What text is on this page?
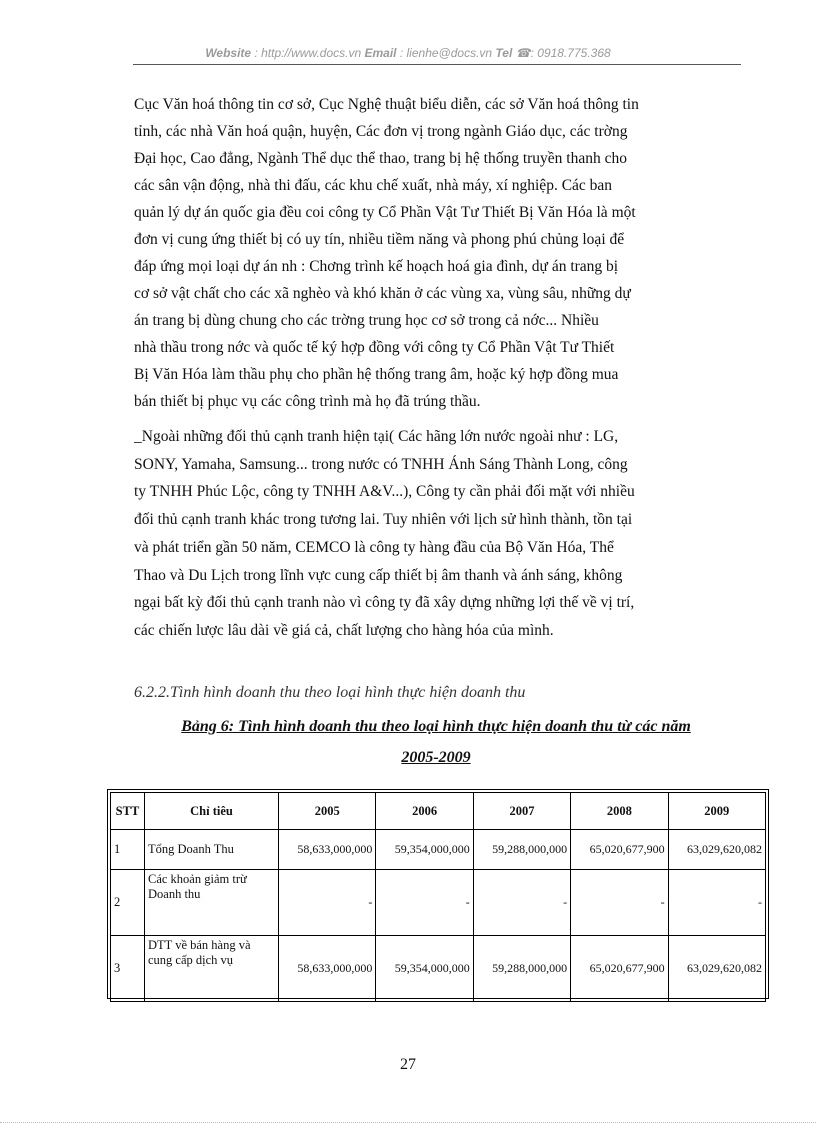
Website : http://www.docs.vn Email : lienhe@docs.vn Tel ☎: 0918.775.368
Cục Văn hoá thông tin cơ sở, Cục Nghệ thuật biểu diễn, các sở Văn hoá thông tin
tỉnh, các nhà Văn hoá quận, huyện, Các đơn vị trong ngành Giáo dục, các trờng
Đại học, Cao đẳng, Ngành Thể dục thể thao, trang bị hệ thống truyền thanh cho
các sân vận động, nhà thi đấu, các khu chế xuất, nhà máy, xí nghiệp. Các ban
quản lý dự án quốc gia đều coi công ty Cổ Phần Vật Tư Thiết Bị Văn Hóa là một
đơn vị cung ứng thiết bị có uy tín, nhiều tiềm năng và phong phú chủng loại để
đáp ứng mọi loại dự án nh : Chơng trình kế hoạch hoá gia đình, dự án trang bị
cơ sở vật chất cho các xã nghèo và khó khăn ở các vùng xa, vùng sâu, những dự
án trang bị dùng chung cho các trờng trung học cơ sở trong cả nớc... Nhiều
nhà thầu trong nớc và quốc tế ký hợp đồng với công ty Cổ Phần Vật Tư Thiết
Bị Văn Hóa làm thầu phụ cho phần hệ thống trang âm, hoặc ký hợp đồng mua
bán thiết bị phục vụ các công trình mà họ đã trúng thầu.
_Ngoài những đối thủ cạnh tranh hiện tại( Các hãng lớn nước ngoài như : LG,
SONY, Yamaha, Samsung... trong nước có TNHH Ánh Sáng Thành Long, công
ty TNHH Phúc Lộc, công ty TNHH A&V...), Công ty cần phải đối mặt với nhiều
đối thủ cạnh tranh khác trong tương lai. Tuy nhiên với lịch sử hình thành, tồn tại
và phát triển gần 50 năm, CEMCO là công ty hàng đầu của Bộ Văn Hóa, Thể
Thao và Du Lịch trong lĩnh vực cung cấp thiết bị âm thanh và ánh sáng, không
ngại bất kỳ đối thủ cạnh tranh nào vì công ty đã xây dựng những lợi thế về vị trí,
các chiến lược lâu dài về giá cả, chất lượng cho hàng hóa của mình.
6.2.2.Tình hình doanh thu theo loại hình thực hiện doanh thu
Bảng 6: Tình hình doanh thu theo loại hình thực hiện doanh thu từ các năm
2005-2009
STT	Chỉ tiêu	2005	2006	2007	2008	2009
1	Tổng Doanh Thu	58,633,000,000	59,354,000,000	59,288,000,000	65,020,677,900	63,029,620,082
2	Các khoản giảm trừ Doanh thu	-	-	-	-	-
3	DTT về bán hàng và cung cấp dịch vụ	58,633,000,000	59,354,000,000	59,288,000,000	65,020,677,900	63,029,620,082
27
